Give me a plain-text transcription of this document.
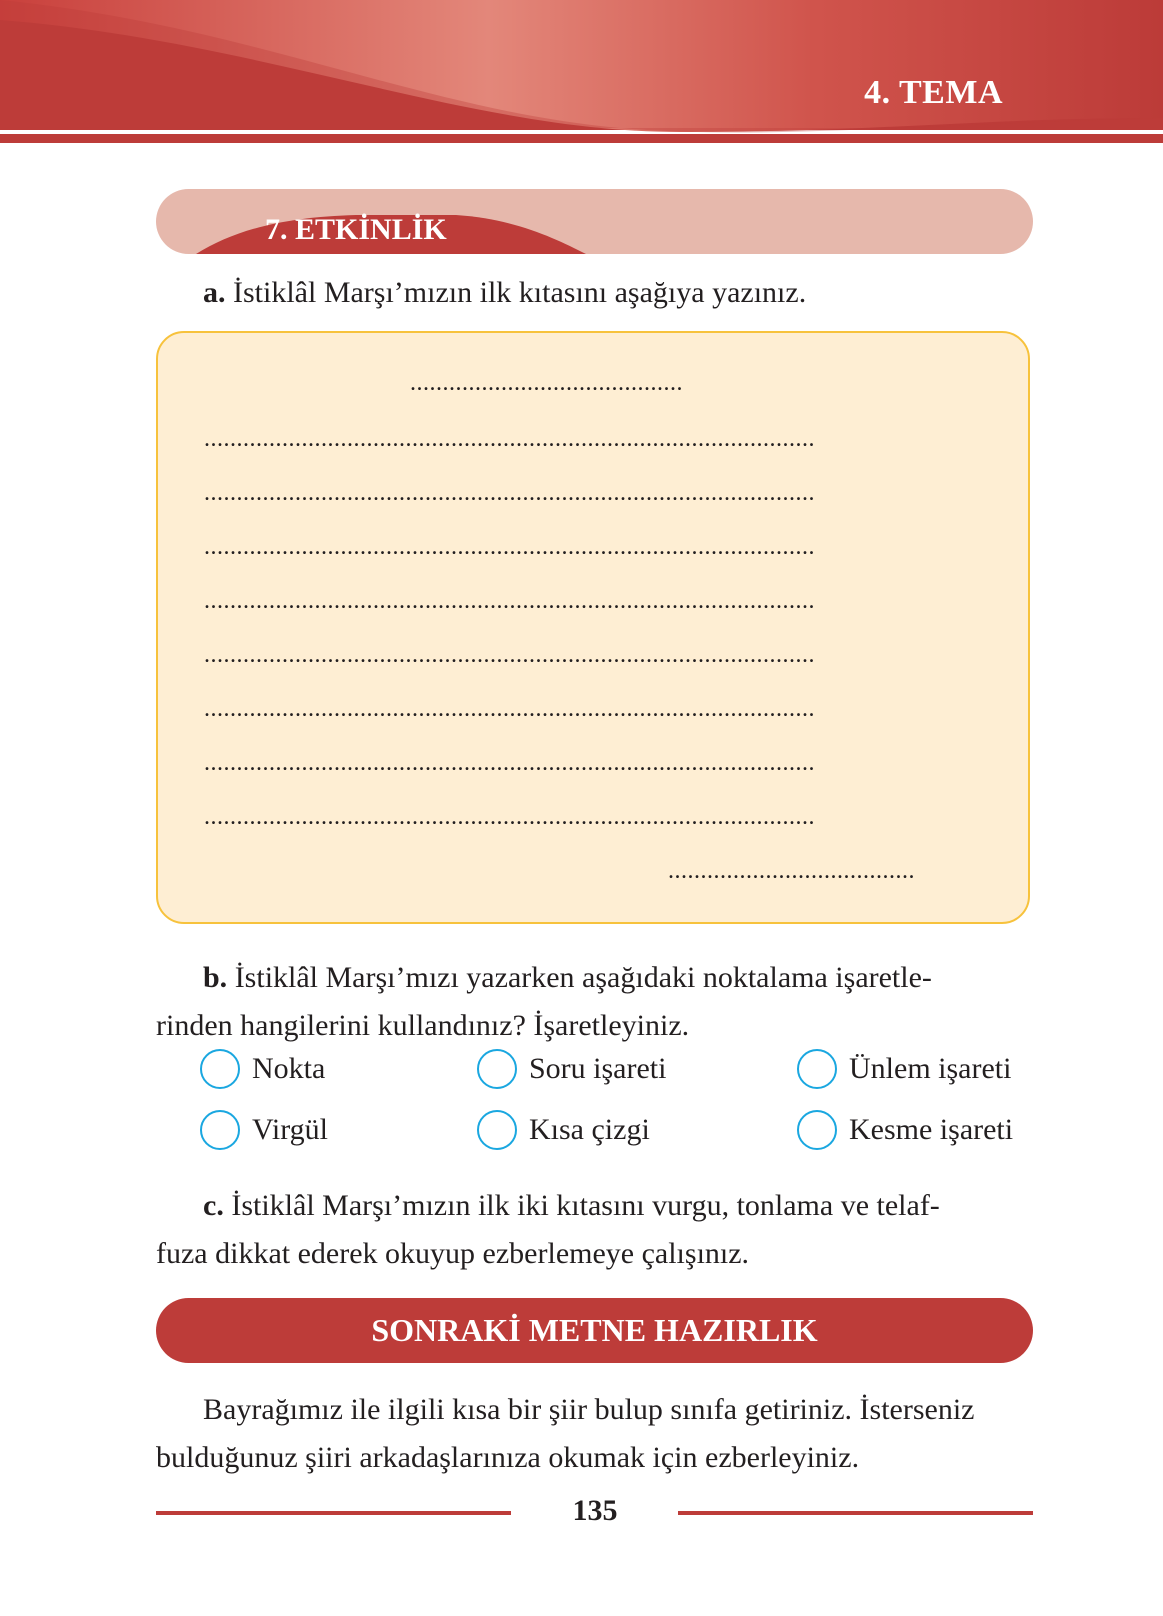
4. TEMA
7. ETKİNLİK
a. İstiklâl Marşı’mızın ilk kıtasını aşağıya yazınız.
..........................................
..............................................................................................
..............................................................................................
..............................................................................................
..............................................................................................
..............................................................................................
..............................................................................................
..............................................................................................
..............................................................................................
......................................
b. İstiklâl Marşı’mızı yazarken aşağıdaki noktalama işaretle-
rinden hangilerini kullandınız? İşaretleyiniz.
Nokta	Soru işareti	Ünlem işareti
Virgül	Kısa çizgi	Kesme işareti
c. İstiklâl Marşı’mızın ilk iki kıtasını vurgu, tonlama ve telaf-
fuza dikkat ederek okuyup ezberlemeye çalışınız.
SONRAKİ METNE HAZIRLIK
Bayrağımız ile ilgili kısa bir şiir bulup sınıfa getiriniz. İsterseniz
bulduğunuz şiiri arkadaşlarınıza okumak için ezberleyiniz.
135
